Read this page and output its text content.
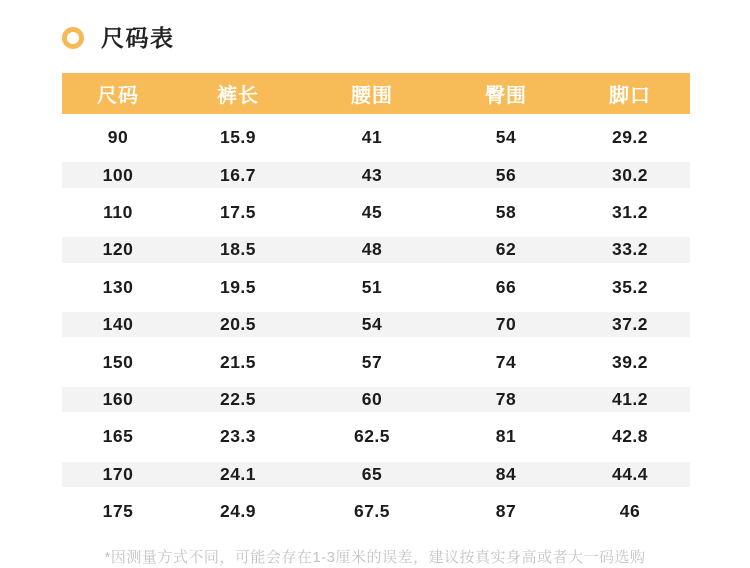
尺码表
尺码	裤长	腰围	臀围	脚口
90	15.9	41	54	29.2
100	16.7	43	56	30.2
110	17.5	45	58	31.2
120	18.5	48	62	33.2
130	19.5	51	66	35.2
140	20.5	54	70	37.2
150	21.5	57	74	39.2
160	22.5	60	78	41.2
165	23.3	62.5	81	42.8
170	24.1	65	84	44.4
175	24.9	67.5	87	46
*因测量方式不同，可能会存在1-3厘米的误差，建议按真实身高或者大一码选购
